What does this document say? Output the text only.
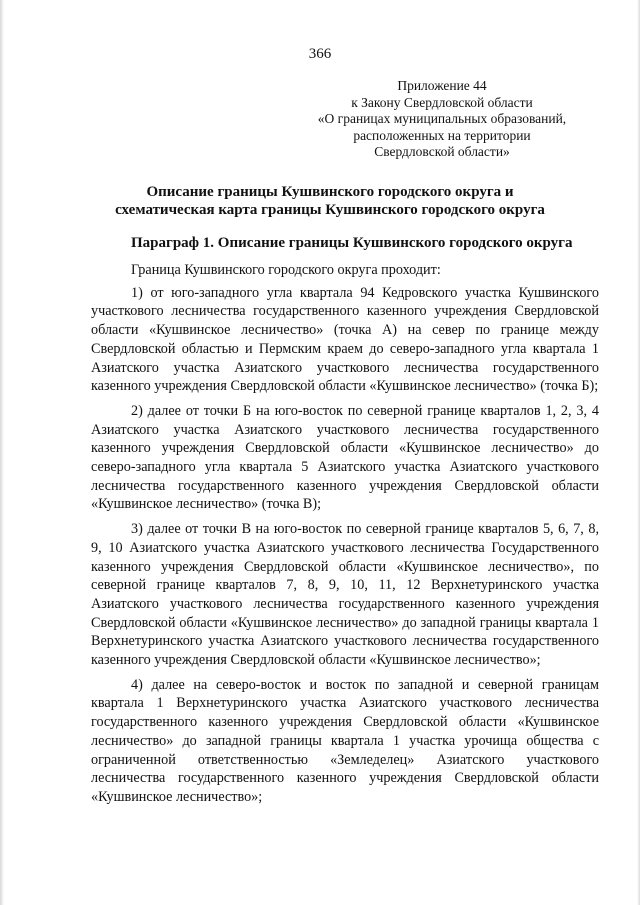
366
Приложение 44
к Закону Свердловской области
«О границах муниципальных образований,
расположенных на территории
Свердловской области»
Описание границы Кушвинского городского округа и
схематическая карта границы Кушвинского городского округа
Параграф 1. Описание границы Кушвинского городского округа

Граница Кушвинского городского округа проходит:

1) от юго-западного угла квартала 94 Кедровского участка Кушвинского участкового лесничества государственного казенного учреждения Свердловской области «Кушвинское лесничество» (точка А) на север по границе между Свердловской областью и Пермским краем до северо-западного угла квартала 1 Азиатского участка Азиатского участкового лесничества государственного казенного учреждения Свердловской области «Кушвинское лесничество» (точка Б);

2) далее от точки Б на юго-восток по северной границе кварталов 1, 2, 3, 4 Азиатского участка Азиатского участкового лесничества государственного казенного учреждения Свердловской области «Кушвинское лесничество» до северо-западного угла квартала 5 Азиатского участка Азиатского участкового лесничества государственного казенного учреждения Свердловской области «Кушвинское лесничество» (точка В);

3) далее от точки В на юго-восток по северной границе кварталов 5, 6, 7, 8, 9, 10 Азиатского участка Азиатского участкового лесничества Государственного казенного учреждения Свердловской области «Кушвинское лесничество», по северной границе кварталов 7, 8, 9, 10, 11, 12 Верхнетуринского участка Азиатского участкового лесничества государственного казенного учреждения Свердловской области «Кушвинское лесничество» до западной границы квартала 1 Верхнетуринского участка Азиатского участкового лесничества государственного казенного учреждения Свердловской области «Кушвинское лесничество»;

4) далее на северо-восток и восток по западной и северной границам квартала 1 Верхнетуринского участка Азиатского участкового лесничества государственного казенного учреждения Свердловской области «Кушвинское лесничество» до западной границы квартала 1 участка урочища общества с ограниченной ответственностью «Земледелец» Азиатского участкового лесничества государственного казенного учреждения Свердловской области «Кушвинское лесничество»;
